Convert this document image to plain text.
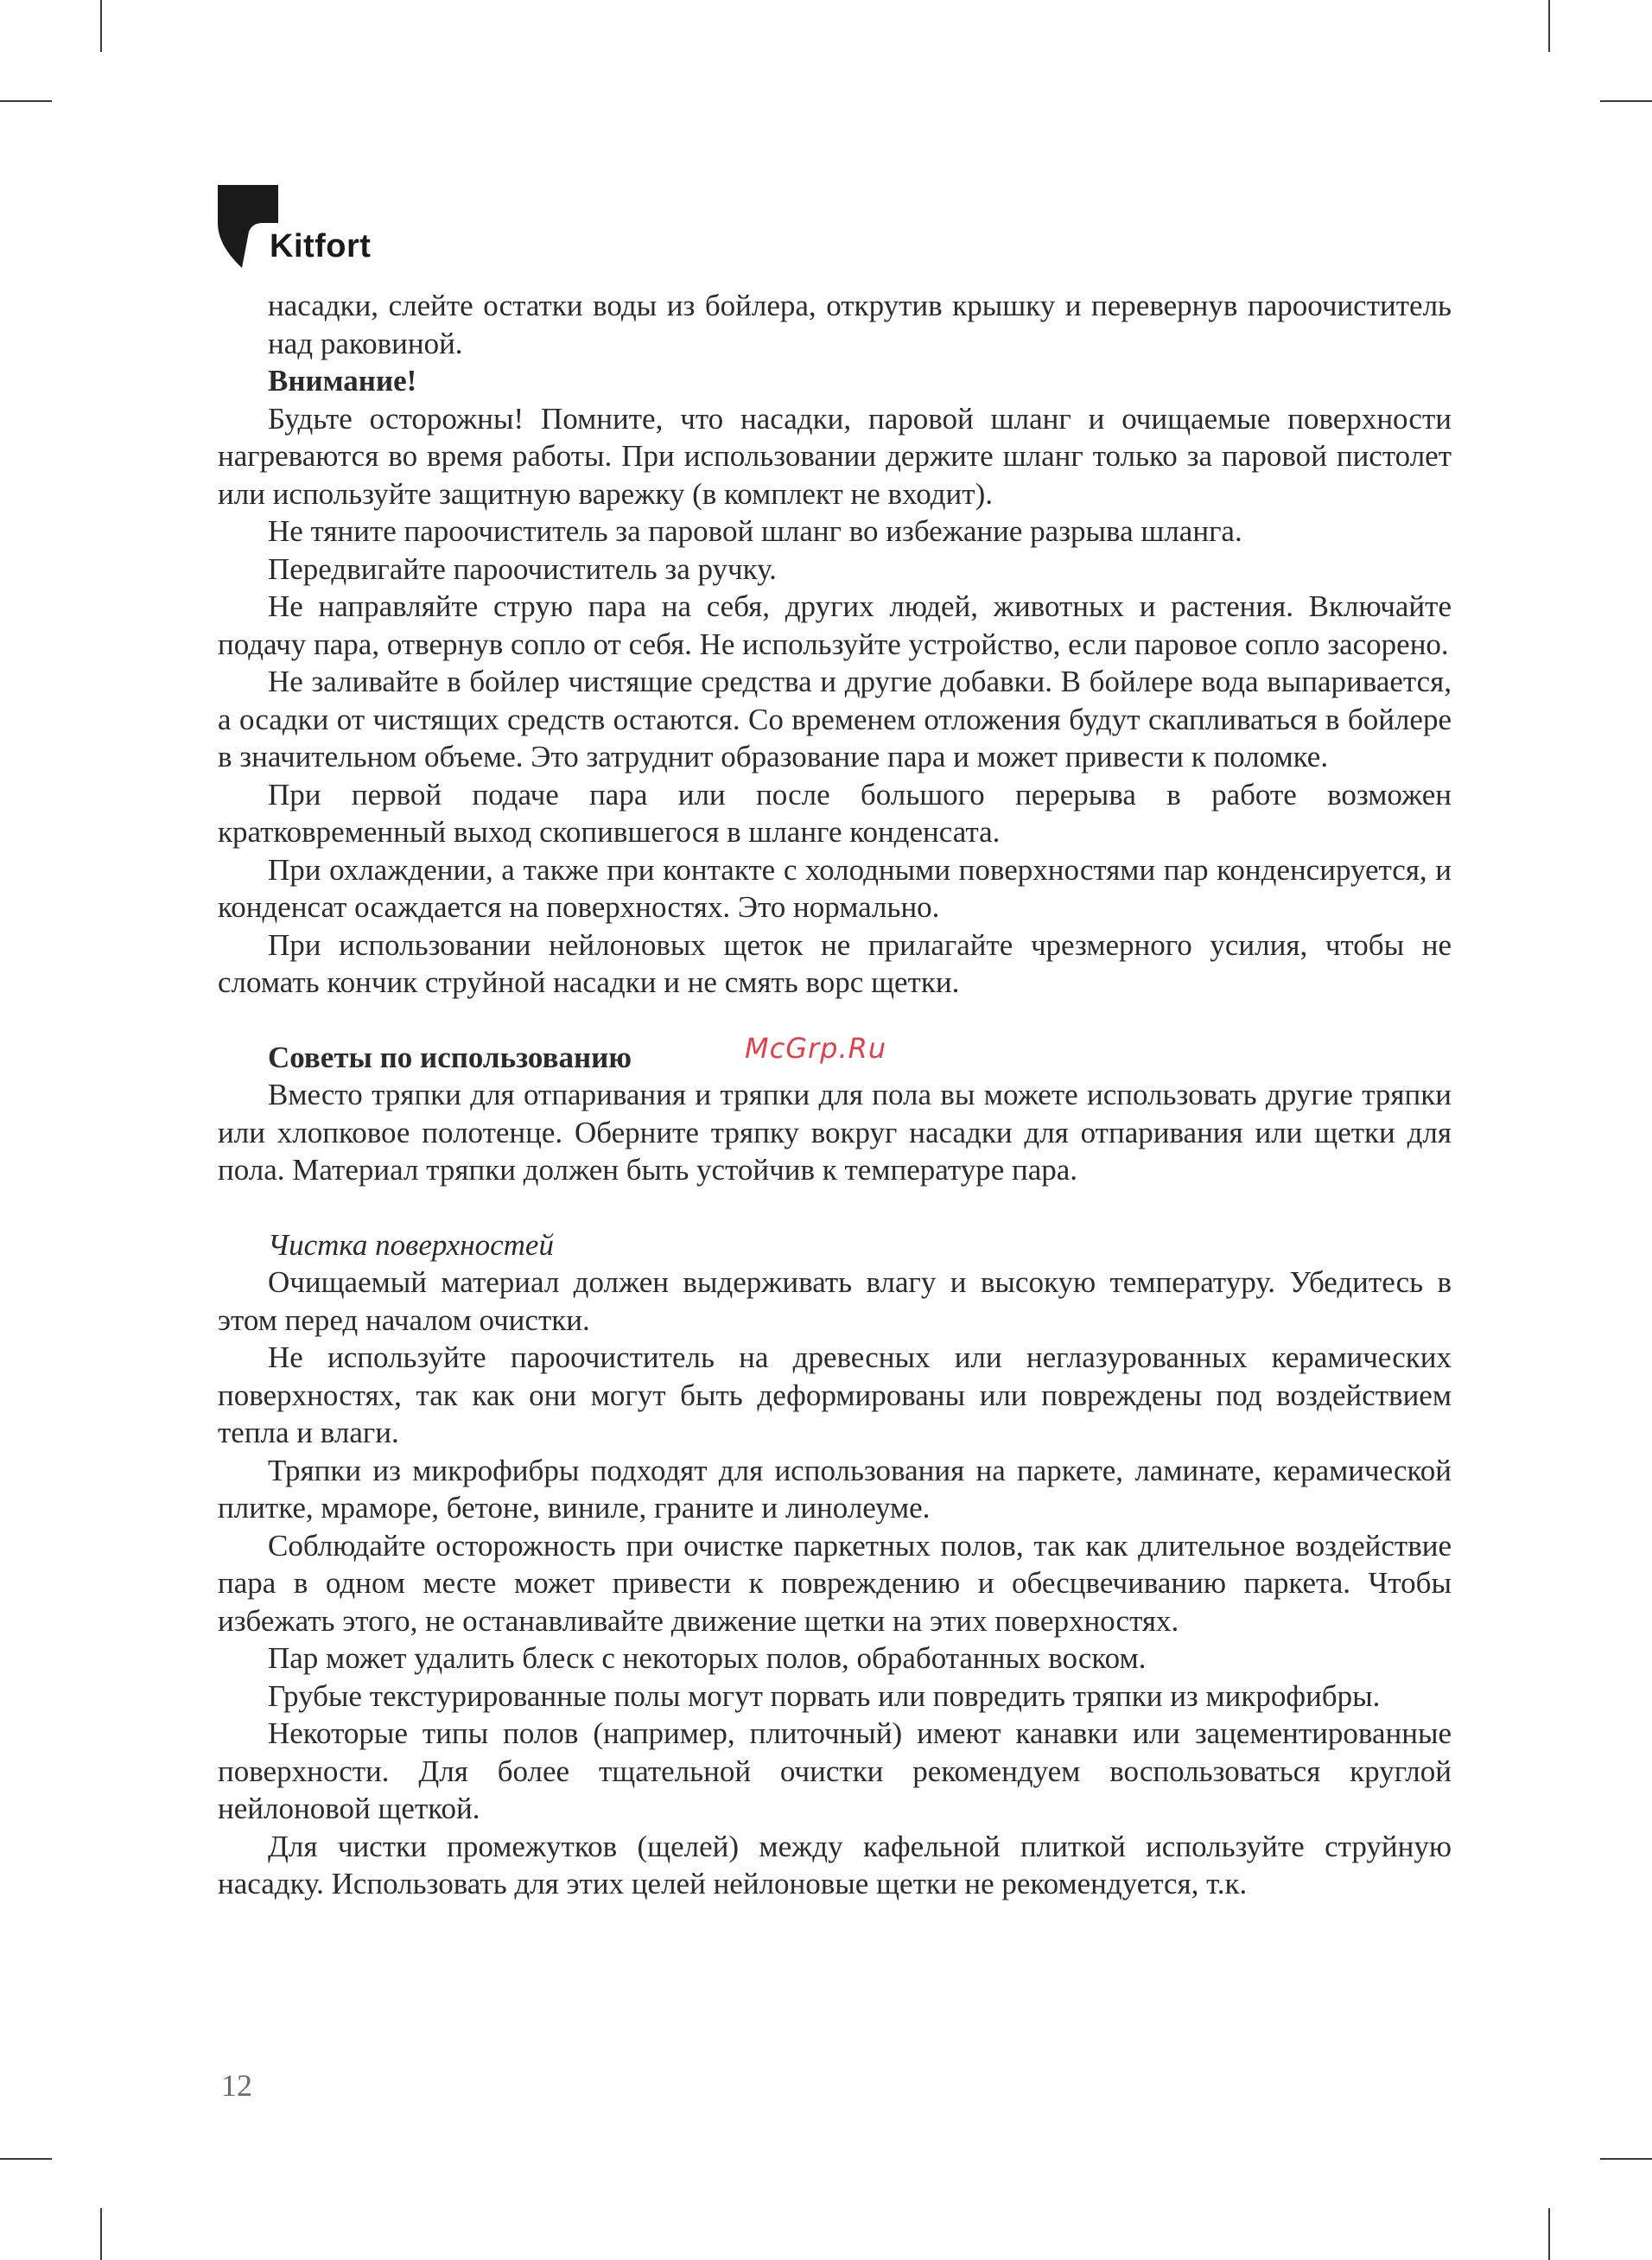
Kitfort

насадки, слейте остатки воды из бойлера, открутив крышку и перевернув пароочиститель над раковиной.

Внимание!

Будьте осторожны! Помните, что насадки, паровой шланг и очищаемые поверхности нагреваются во время работы. При использовании держите шланг только за паровой пистолет или используйте защитную варежку (в комплект не входит).

Не тяните пароочиститель за паровой шланг во избежание разрыва шланга.

Передвигайте пароочиститель за ручку.

Не направляйте струю пара на себя, других людей, животных и растения. Включайте подачу пара, отвернув сопло от себя. Не используйте устройство, если паровое сопло засорено.

Не заливайте в бойлер чистящие средства и другие добавки. В бойлере вода выпаривается, а осадки от чистящих средств остаются. Со временем отложения будут скапливаться в бойлере в значительном объеме. Это затруднит образование пара и может привести к поломке.

При первой подаче пара или после большого перерыва в работе возможен кратковременный выход скопившегося в шланге конденсата.

При охлаждении, а также при контакте с холодными поверхностями пар конденсируется, и конденсат осаждается на поверхностях. Это нормально.

При использовании нейлоновых щеток не прилагайте чрезмерного усилия, чтобы не сломать кончик струйной насадки и не смять ворс щетки.

Советы по использованию	McGrp.Ru

Вместо тряпки для отпаривания и тряпки для пола вы можете использовать другие тряпки или хлопковое полотенце. Оберните тряпку вокруг насадки для отпаривания или щетки для пола. Материал тряпки должен быть устойчив к температуре пара.

Чистка поверхностей

Очищаемый материал должен выдерживать влагу и высокую температуру. Убедитесь в этом перед началом очистки.

Не используйте пароочиститель на древесных или неглазурованных керамических поверхностях, так как они могут быть деформированы или повреждены под воздействием тепла и влаги.

Тряпки из микрофибры подходят для использования на паркете, ламинате, керамической плитке, мраморе, бетоне, виниле, граните и линолеуме.

Соблюдайте осторожность при очистке паркетных полов, так как длительное воздействие пара в одном месте может привести к повреждению и обесцвечиванию паркета. Чтобы избежать этого, не останавливайте движение щетки на этих поверхностях.

Пар может удалить блеск с некоторых полов, обработанных воском.

Грубые текстурированные полы могут порвать или повредить тряпки из микрофибры.

Некоторые типы полов (например, плиточный) имеют канавки или зацементированные поверхности. Для более тщательной очистки рекомендуем воспользоваться круглой нейлоновой щеткой.

Для чистки промежутков (щелей) между кафельной плиткой используйте струйную насадку. Использовать для этих целей нейлоновые щетки не рекомендуется, т.к.

12
